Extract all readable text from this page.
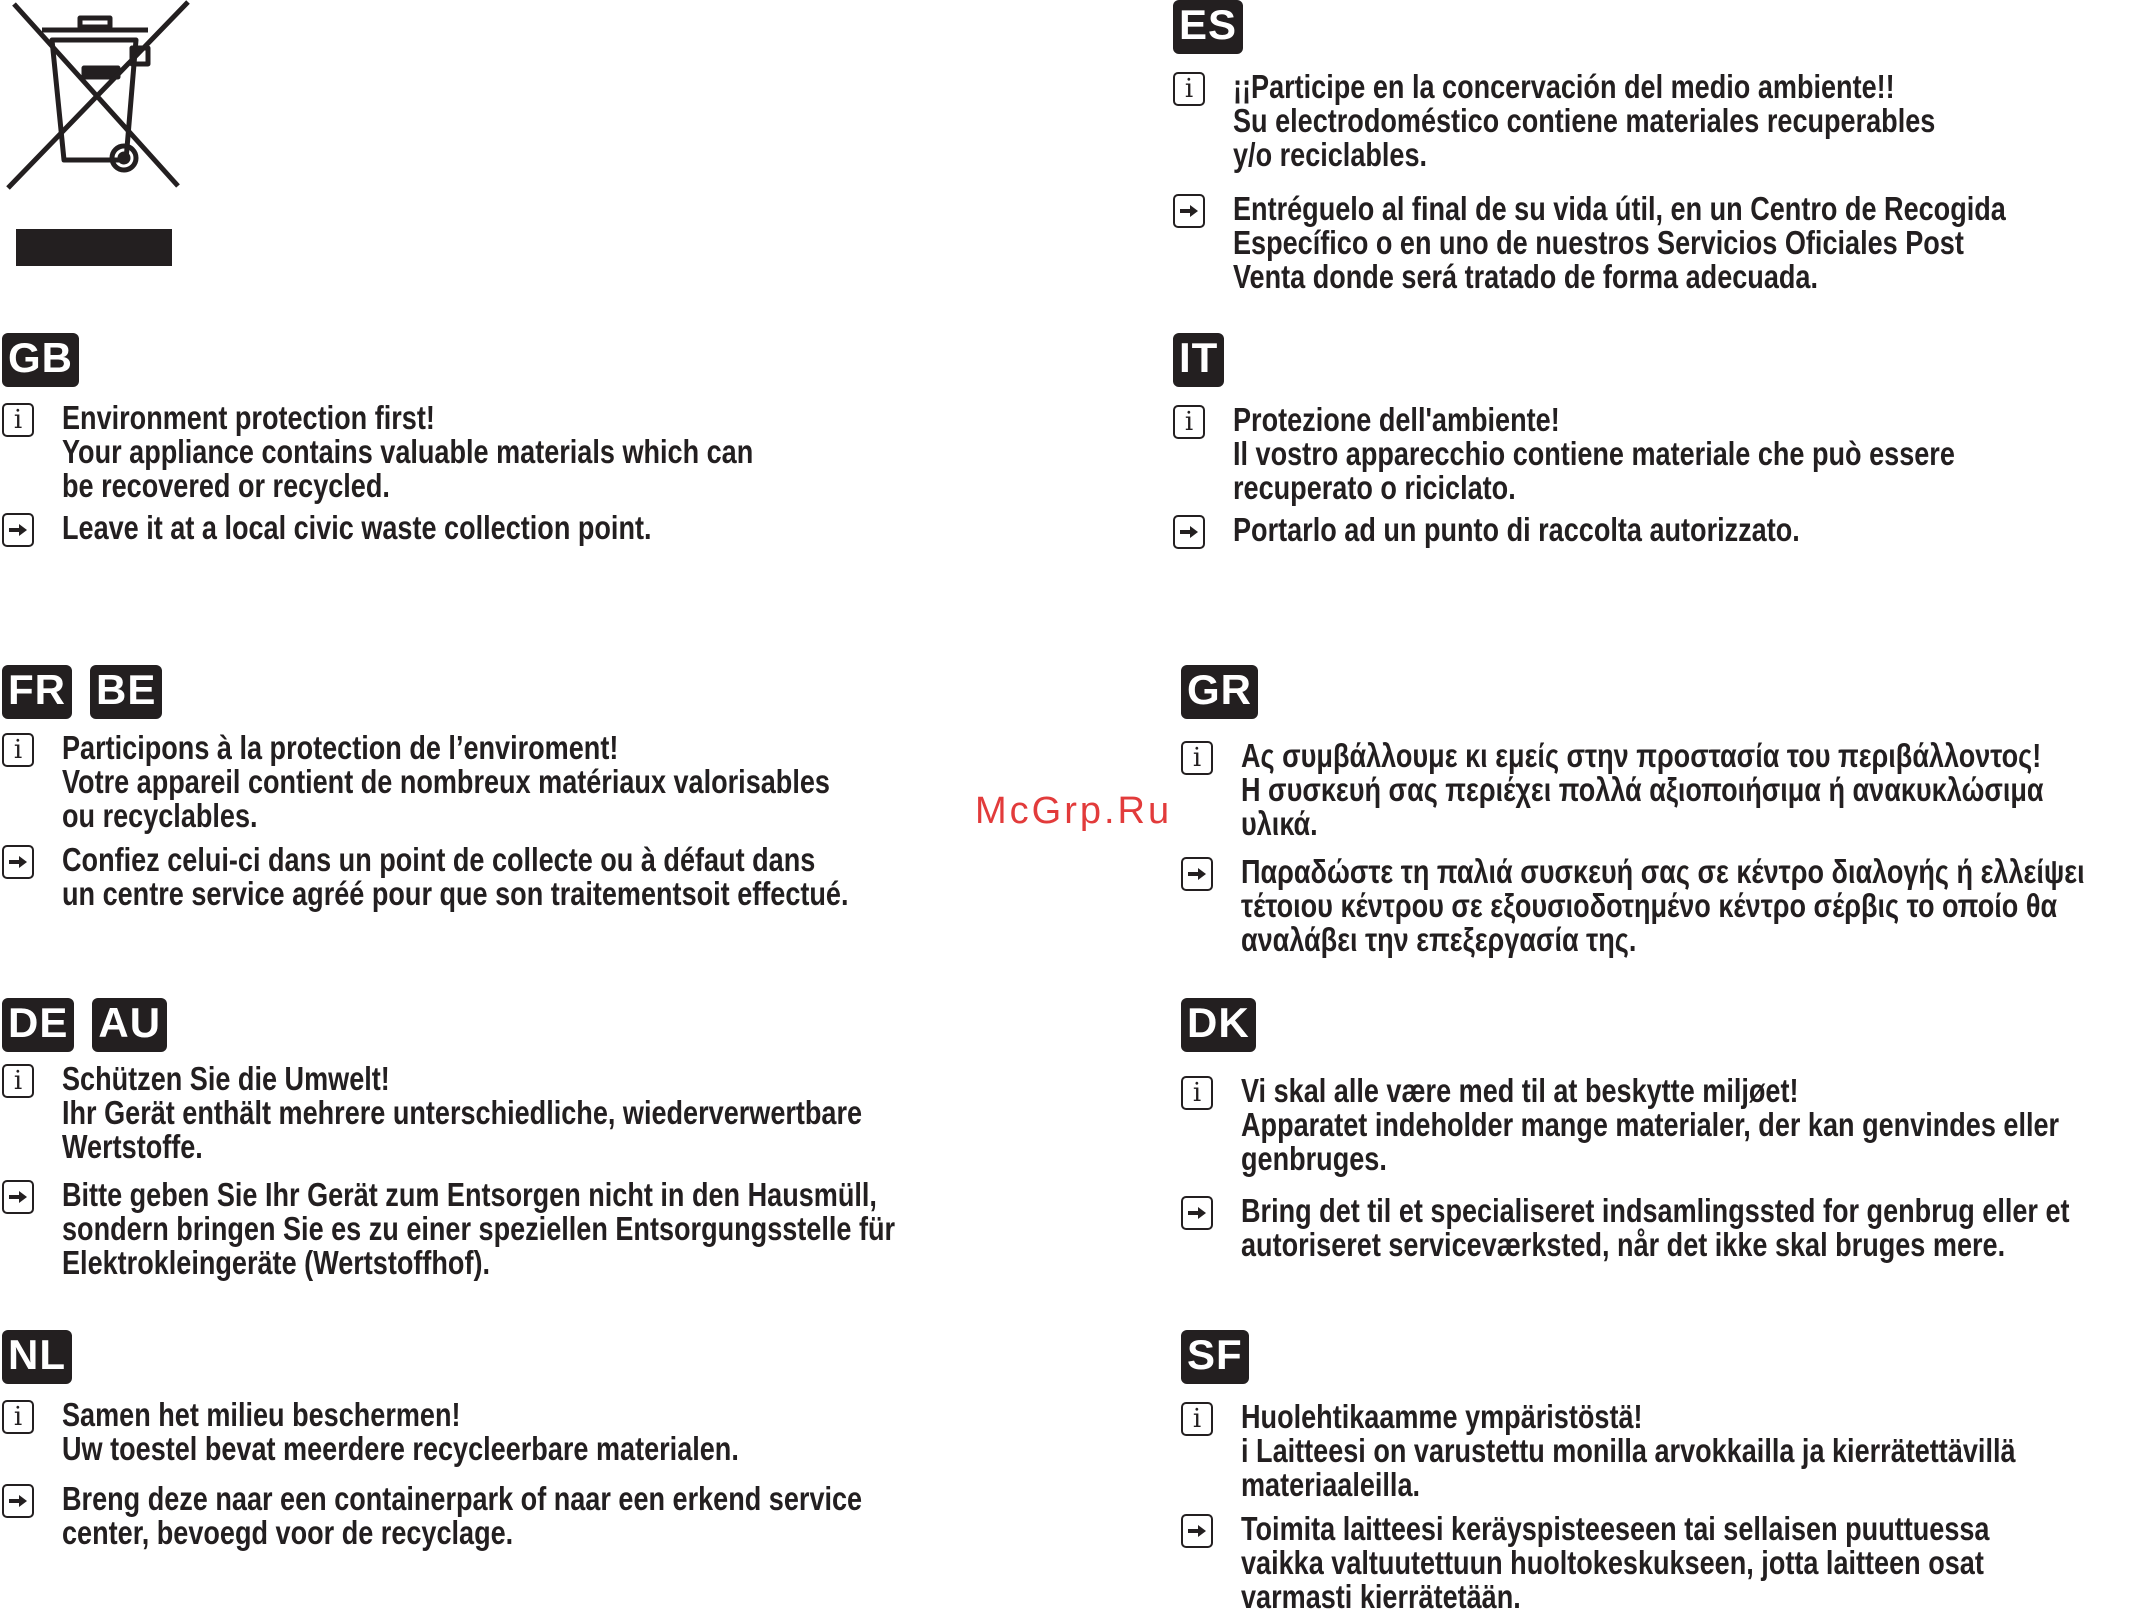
McGrp.Ru
GB
i Environment protection first!
Your appliance contains valuable materials which can
be recovered or recycled.
Leave it at a local civic waste collection point.
FR BE
i Participons à la protection de l’enviroment!
Votre appareil contient de nombreux matériaux valorisables
ou recyclables.
Confiez celui-ci dans un point de collecte ou à défaut dans
un centre service agréé pour que son traitementsoit effectué.
DE AU
i Schützen Sie die Umwelt!
Ihr Gerät enthält mehrere unterschiedliche, wiederverwertbare
Wertstoffe.
Bitte geben Sie Ihr Gerät zum Entsorgen nicht in den Hausmüll,
sondern bringen Sie es zu einer speziellen Entsorgungsstelle für
Elektrokleingeräte (Wertstoffhof).
NL
i Samen het milieu beschermen!
Uw toestel bevat meerdere recycleerbare materialen.
Breng deze naar een containerpark of naar een erkend service
center, bevoegd voor de recyclage.
ES
i ¡¡Participe en la concervación del medio ambiente!!
Su electrodoméstico contiene materiales recuperables
y/o reciclables.
Entréguelo al final de su vida útil, en un Centro de Recogida
Específico o en uno de nuestros Servicios Oficiales Post
Venta donde será tratado de forma adecuada.
IT
i Protezione dell'ambiente!
Il vostro apparecchio contiene materiale che può essere
recuperato o riciclato.
Portarlo ad un punto di raccolta autorizzato.
GR
i Ας συμβάλλουμε κι εμείς στην προστασία του περιβάλλοντος!
Η συσκευή σας περιέχει πολλά αξιοποιήσιμα ή ανακυκλώσιμα
υλικά.
Παραδώστε τη παλιά συσκευή σας σε κέντρο διαλογής ή ελλείψει
τέτοιου κέντρου σε εξουσιοδοτημένο κέντρο σέρβις το οποίο θα
αναλάβει την επεξεργασία της.
DK
i Vi skal alle være med til at beskytte miljøet!
Apparatet indeholder mange materialer, der kan genvindes eller
genbruges.
Bring det til et specialiseret indsamlingssted for genbrug eller et
autoriseret serviceværksted, når det ikke skal bruges mere.
SF
i Huolehtikaamme ympäristöstä!
i Laitteesi on varustettu monilla arvokkailla ja kierrätettävillä
materiaaleilla.
Toimita laitteesi keräyspisteeseen tai sellaisen puuttuessa
vaikka valtuutettuun huoltokeskukseen, jotta laitteen osat
varmasti kierrätetään.
